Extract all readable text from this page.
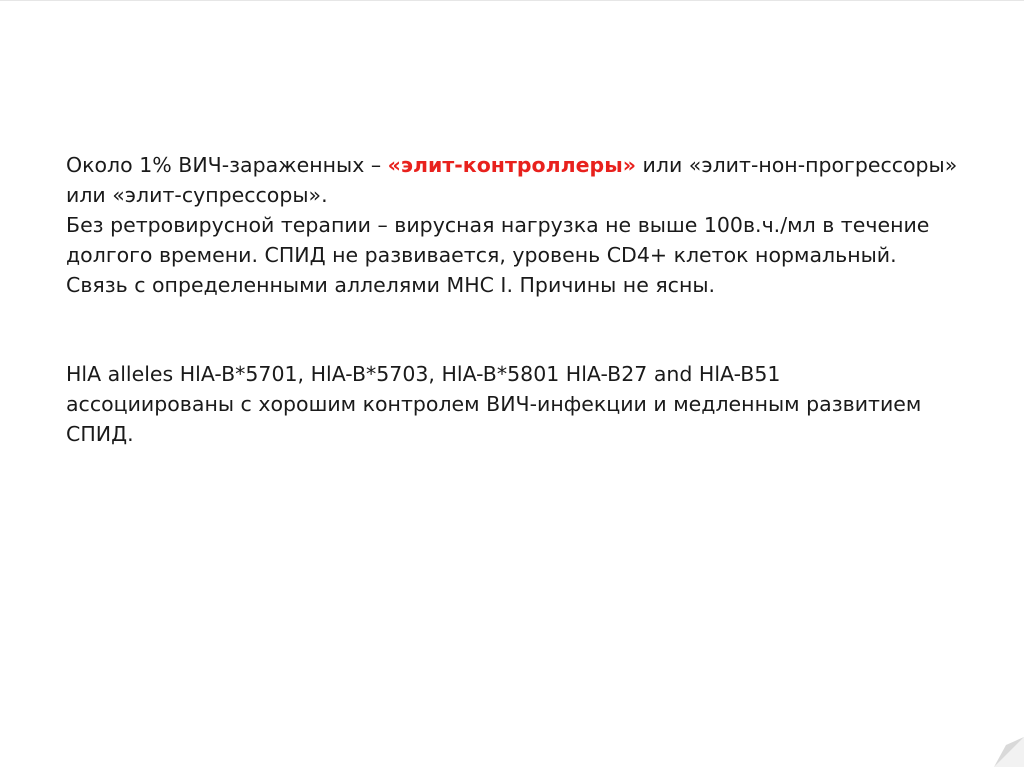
Около 1% ВИЧ-зараженных – «элит-контроллеры» или «элит-нон-прогрессоры»
или «элит-супрессоры».
Без ретровирусной терапии – вирусная нагрузка не выше 100в.ч./мл в течение
долгого времени. СПИД не развивается, уровень CD4+ клеток нормальный.
Связь с определенными аллелями МНС I. Причины не ясны.
HlA alleles HlA-B*5701, HlA-B*5703, HlA-B*5801 HlA-B27 and HlA-B51
ассоциированы с хорошим контролем ВИЧ-инфекции и медленным развитием
СПИД.
